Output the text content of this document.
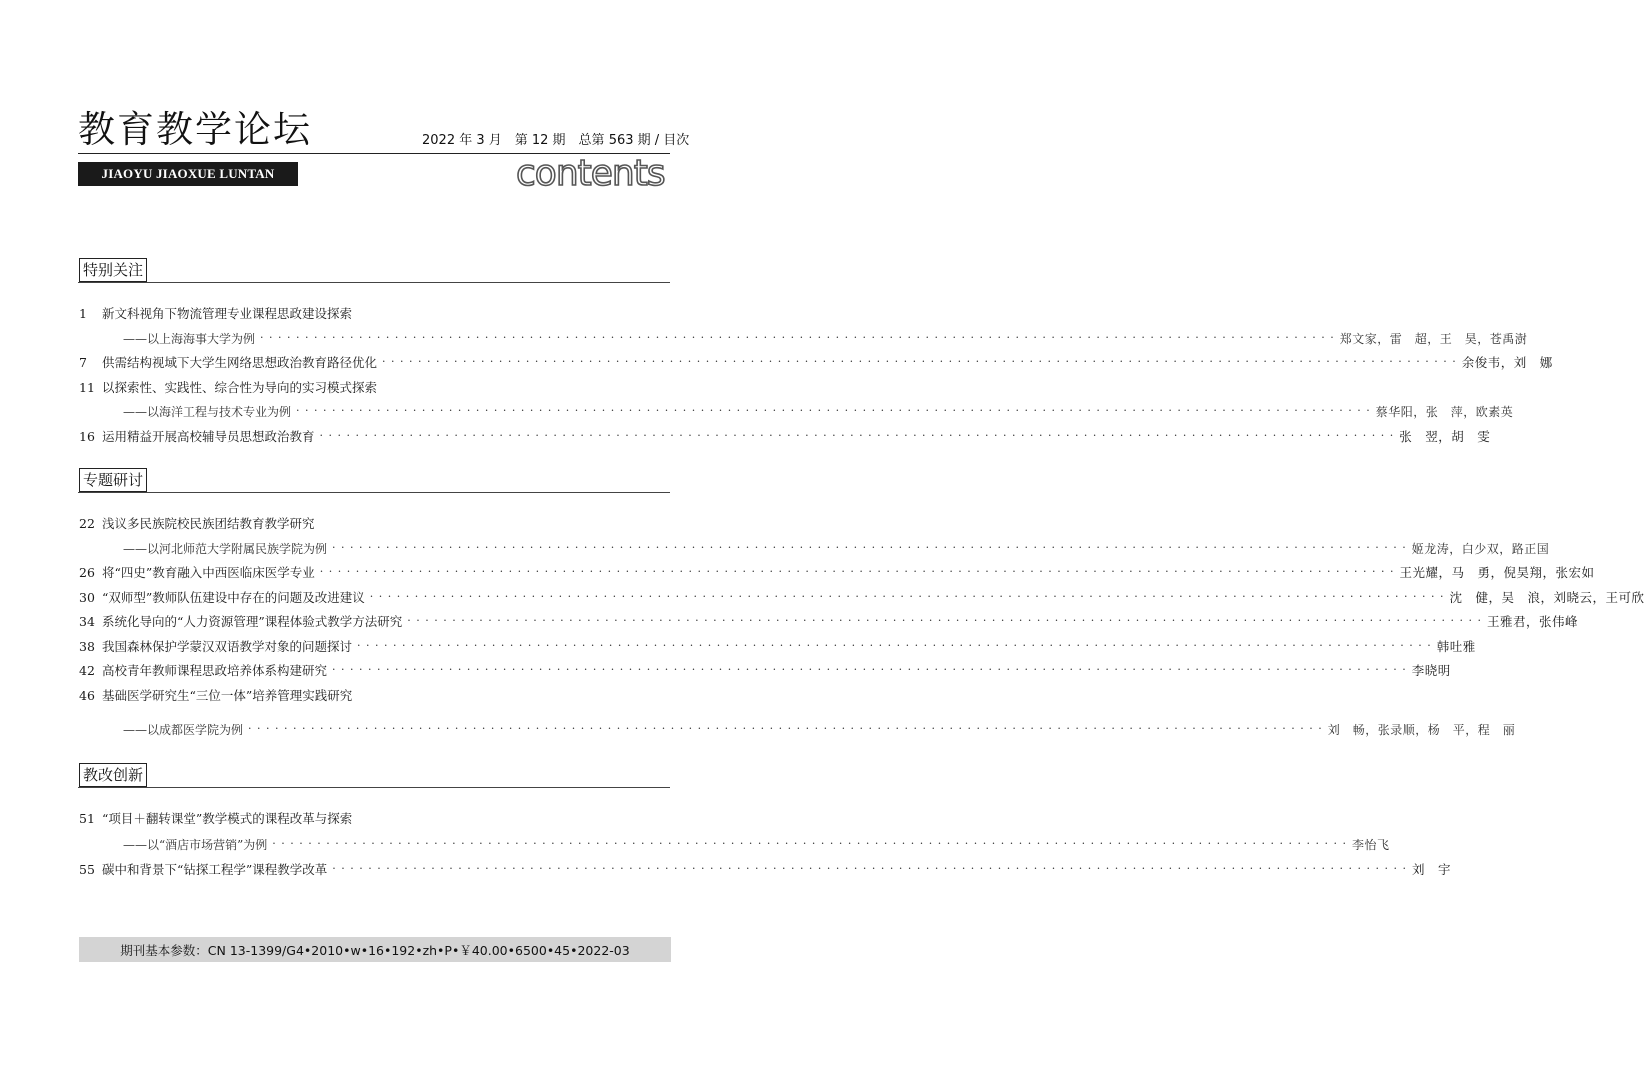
教育教学论坛	2022 年 3 月　第 12 期　总第 563 期 / 目次
JIAOYU JIAOXUE LUNTAN	contents
特别关注
1	新文科视角下物流管理专业课程思政建设探索
——以上海海事大学为例 · · · · · · · · · · · · · · · · · · · · · · · · · · · · · · · · · · · · · · · · · · · · · · · · · · · · · · · · · · · · · · · · · · · · · · · · · · · · · · · · · · · · · · · · · · · · · · · · · · · · · · · · · · · · · · · · · · · · · · · · 郑文家，雷　超，王　昊，苍禹澍
7	供需结构视域下大学生网络思想政治教育路径优化 · · · · · · · · · · · · · · · · · · · · · · · · · · · · · · · · · · · · · · · · · · · · · · · · · · · · · · · · · · · · · · · · · · · · · · · · · · · · · · · · · · · · · · · · · · · · · · · · · · · · · · · · · · · · · · · · · · · · · · · · 余俊韦，刘　娜
11 以探索性、实践性、综合性为导向的实习模式探索
——以海洋工程与技术专业为例 · · · · · · · · · · · · · · · · · · · · · · · · · · · · · · · · · · · · · · · · · · · · · · · · · · · · · · · · · · · · · · · · · · · · · · · · · · · · · · · · · · · · · · · · · · · · · · · · · · · · · · · · · · · · · · · · · · · · · · · · 蔡华阳，张　萍，欧素英
16 运用精益开展高校辅导员思想政治教育 · · · · · · · · · · · · · · · · · · · · · · · · · · · · · · · · · · · · · · · · · · · · · · · · · · · · · · · · · · · · · · · · · · · · · · · · · · · · · · · · · · · · · · · · · · · · · · · · · · · · · · · · · · · · · · · · · · · · · · · · 张　翌，胡　雯
专题研讨
22 浅议多民族院校民族团结教育教学研究
——以河北师范大学附属民族学院为例 · · · · · · · · · · · · · · · · · · · · · · · · · · · · · · · · · · · · · · · · · · · · · · · · · · · · · · · · · · · · · · · · · · · · · · · · · · · · · · · · · · · · · · · · · · · · · · · · · · · · · · · · · · · · · · · · · · · · · · · · 姬龙涛，白少双，路正国
26 将“四史”教育融入中西医临床医学专业 · · · · · · · · · · · · · · · · · · · · · · · · · · · · · · · · · · · · · · · · · · · · · · · · · · · · · · · · · · · · · · · · · · · · · · · · · · · · · · · · · · · · · · · · · · · · · · · · · · · · · · · · · · · · · · · · · · · · · · · · 王光耀，马　勇，倪昊翔，张宏如
30 “双师型”教师队伍建设中存在的问题及改进建议 · · · · · · · · · · · · · · · · · · · · · · · · · · · · · · · · · · · · · · · · · · · · · · · · · · · · · · · · · · · · · · · · · · · · · · · · · · · · · · · · · · · · · · · · · · · · · · · · · · · · · · · · · · · · · · · · · · · · · · · · 沈　健，吴　浪，刘晓云，王可欣
34 系统化导向的“人力资源管理”课程体验式教学方法研究 · · · · · · · · · · · · · · · · · · · · · · · · · · · · · · · · · · · · · · · · · · · · · · · · · · · · · · · · · · · · · · · · · · · · · · · · · · · · · · · · · · · · · · · · · · · · · · · · · · · · · · · · · · · · · · · · · · · · · · · · 王雅君，张伟峰
38 我国森林保护学蒙汉双语教学对象的问题探讨 · · · · · · · · · · · · · · · · · · · · · · · · · · · · · · · · · · · · · · · · · · · · · · · · · · · · · · · · · · · · · · · · · · · · · · · · · · · · · · · · · · · · · · · · · · · · · · · · · · · · · · · · · · · · · · · · · · · · · · · · 韩吐雅
42 高校青年教师课程思政培养体系构建研究 · · · · · · · · · · · · · · · · · · · · · · · · · · · · · · · · · · · · · · · · · · · · · · · · · · · · · · · · · · · · · · · · · · · · · · · · · · · · · · · · · · · · · · · · · · · · · · · · · · · · · · · · · · · · · · · · · · · · · · · · 李晓明
46 基础医学研究生“三位一体”培养管理实践研究
——以成都医学院为例 · · · · · · · · · · · · · · · · · · · · · · · · · · · · · · · · · · · · · · · · · · · · · · · · · · · · · · · · · · · · · · · · · · · · · · · · · · · · · · · · · · · · · · · · · · · · · · · · · · · · · · · · · · · · · · · · · · · · · · · · 刘　畅，张录顺，杨　平，程　丽
教改创新
51 “项目＋翻转课堂”教学模式的课程改革与探索
——以“酒店市场营销”为例 · · · · · · · · · · · · · · · · · · · · · · · · · · · · · · · · · · · · · · · · · · · · · · · · · · · · · · · · · · · · · · · · · · · · · · · · · · · · · · · · · · · · · · · · · · · · · · · · · · · · · · · · · · · · · · · · · · · · · · · · 李怡飞
55 碳中和背景下“钻探工程学”课程教学改革 · · · · · · · · · · · · · · · · · · · · · · · · · · · · · · · · · · · · · · · · · · · · · · · · · · · · · · · · · · · · · · · · · · · · · · · · · · · · · · · · · · · · · · · · · · · · · · · · · · · · · · · · · · · · · · · · · · · · · · · · 刘　宇
期刊基本参数：CN 13-1399/G4•2010•w•16•192•zh•P•￥40.00•6500•45•2022-03
